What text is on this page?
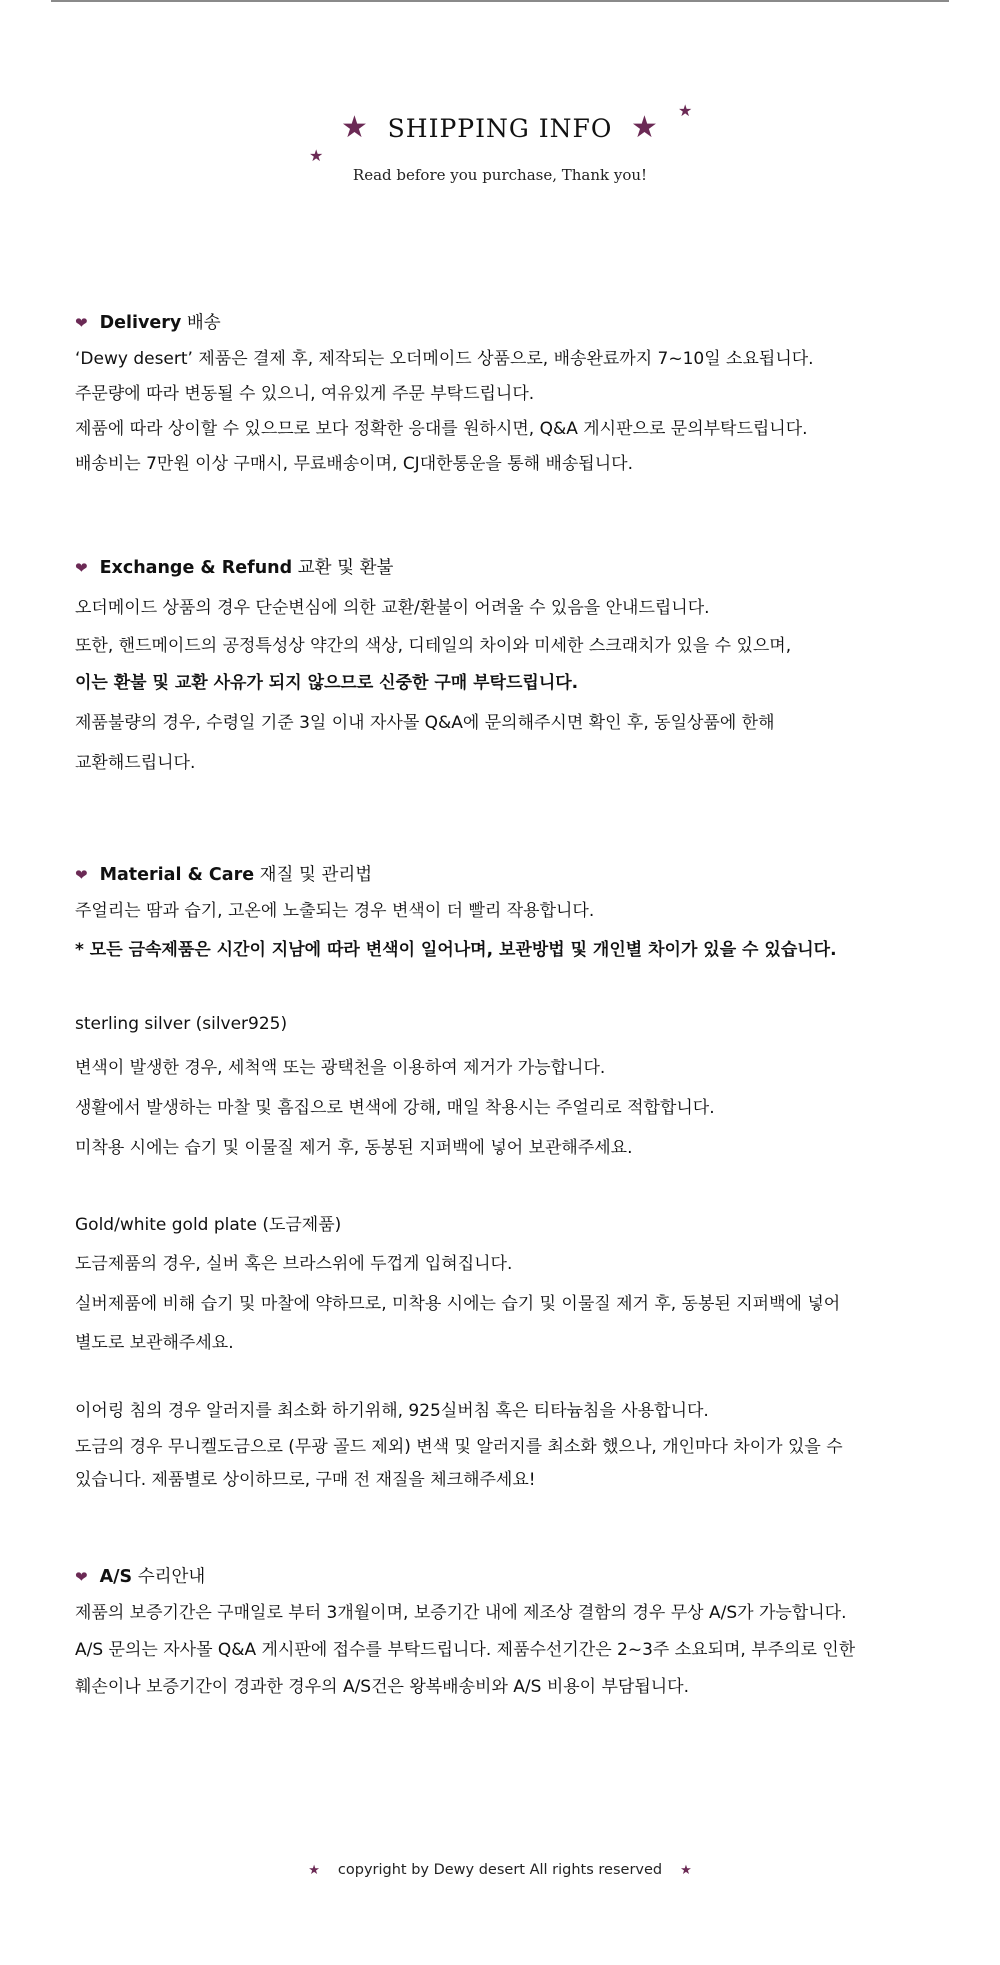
★	★ ★
★
SHIPPING INFO
Read before you purchase, Thank you!
❤ Delivery 배송
‘Dewy desert’ 제품은 결제 후, 제작되는 오더메이드 상품으로, 배송완료까지 7~10일 소요됩니다.
주문량에 따라 변동될 수 있으니, 여유있게 주문 부탁드립니다.
제품에 따라 상이할 수 있으므로 보다 정확한 응대를 원하시면, Q&A 게시판으로 문의부탁드립니다.
배송비는 7만원 이상 구매시, 무료배송이며, CJ대한통운을 통해 배송됩니다.
❤ Exchange & Refund 교환 및 환불
오더메이드 상품의 경우 단순변심에 의한 교환/환불이 어려울 수 있음을 안내드립니다.
또한, 핸드메이드의 공정특성상 약간의 색상, 디테일의 차이와 미세한 스크래치가 있을 수 있으며,
이는 환불 및 교환 사유가 되지 않으므로 신중한 구매 부탁드립니다.
제품불량의 경우, 수령일 기준 3일 이내 자사몰 Q&A에 문의해주시면 확인 후, 동일상품에 한해
교환해드립니다.
❤ Material & Care 재질 및 관리법
주얼리는 땀과 습기, 고온에 노출되는 경우 변색이 더 빨리 작용합니다.
* 모든 금속제품은 시간이 지남에 따라 변색이 일어나며, 보관방법 및 개인별 차이가 있을 수 있습니다.
sterling silver (silver925)
변색이 발생한 경우, 세척액 또는 광택천을 이용하여 제거가 가능합니다.
생활에서 발생하는 마찰 및 흠집으로 변색에 강해, 매일 착용시는 주얼리로 적합합니다.
미착용 시에는 습기 및 이물질 제거 후, 동봉된 지퍼백에 넣어 보관해주세요.
Gold/white gold plate (도금제품)
도금제품의 경우, 실버 혹은 브라스위에 두껍게 입혀집니다.
실버제품에 비해 습기 및 마찰에 약하므로, 미착용 시에는 습기 및 이물질 제거 후, 동봉된 지퍼백에 넣어
별도로 보관해주세요.
이어링 침의 경우 알러지를 최소화 하기위해, 925실버침 혹은 티타늄침을 사용합니다.
도금의 경우 무니켈도금으로 (무광 골드 제외) 변색 및 알러지를 최소화 했으나, 개인마다 차이가 있을 수
있습니다. 제품별로 상이하므로, 구매 전 재질을 체크해주세요!
❤ A/S 수리안내
제품의 보증기간은 구매일로 부터 3개월이며, 보증기간 내에 제조상 결함의 경우 무상 A/S가 가능합니다.
A/S 문의는 자사몰 Q&A 게시판에 접수를 부탁드립니다. 제품수선기간은 2~3주 소요되며, 부주의로 인한
훼손이나 보증기간이 경과한 경우의 A/S건은 왕복배송비와 A/S 비용이 부담됩니다.
★ copyright by Dewy desert All rights reserved ★
